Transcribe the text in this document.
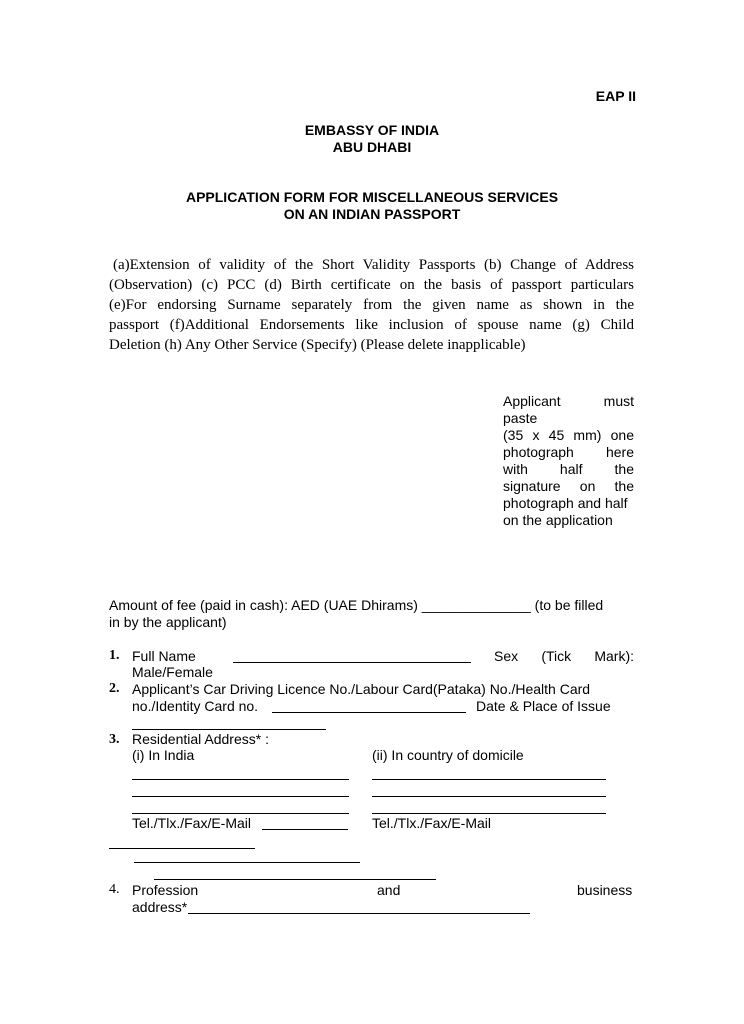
EAP II
EMBASSY OF INDIA
ABU DHABI
APPLICATION FORM FOR MISCELLANEOUS SERVICES
ON AN INDIAN PASSPORT
(a)Extension of validity of the Short Validity Passports (b) Change of Address
(Observation) (c) PCC (d) Birth certificate on the basis of passport particulars
(e)For endorsing Surname separately from the given name as shown in the
passport (f)Additional Endorsements like inclusion of spouse name (g) Child
Deletion (h) Any Other Service (Specify) (Please delete inapplicable)
Applicant must
paste
(35 x 45 mm) one
photograph here
with half the
signature on the
photograph and half
on the application
Amount of fee (paid in cash): AED (UAE Dhirams) ______________ (to be filled
in by the applicant)
1. Full Name	Sex (Tick Mark):
Male/Female
2. Applicant’s Car Driving Licence No./Labour Card(Pataka) No./Health Card
no./Identity Card no.	Date & Place of Issue
3. Residential Address* :
(i) In India	(ii) In country of domicile
Tel./Tlx./Fax/E-Mail	Tel./Tlx./Fax/E-Mail
4. Profession	and	business
address*
